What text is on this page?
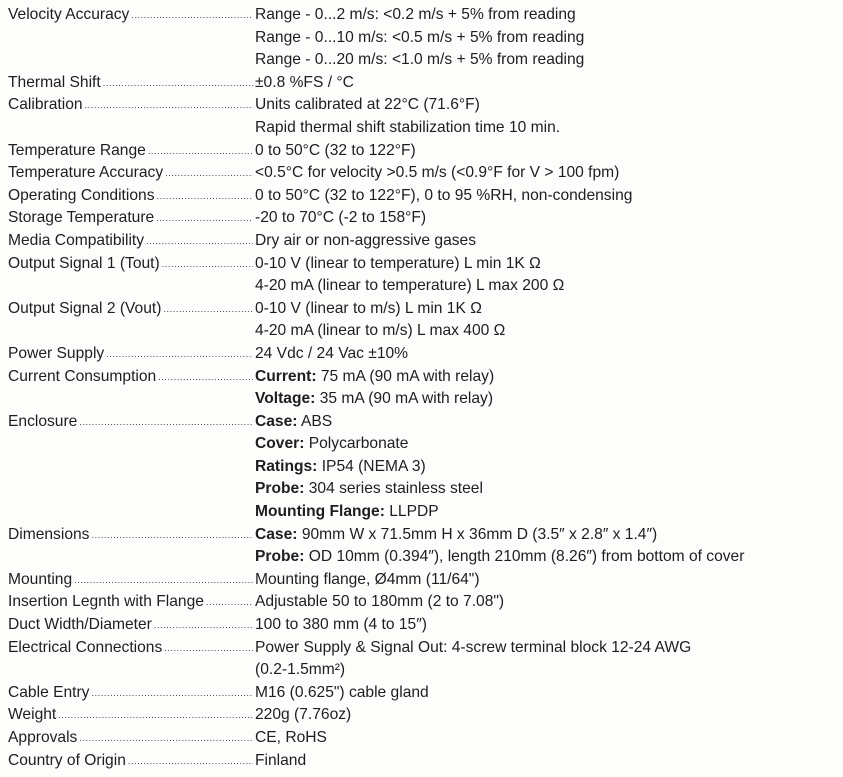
Velocity Accuracy .....	Range - 0...2 m/s: <0.2 m/s + 5% from reading
Range - 0...10 m/s: <0.5 m/s + 5% from reading
Range - 0...20 m/s: <1.0 m/s + 5% from reading
Thermal Shift .....	±0.8 %FS / °C
Calibration .....	Units calibrated at 22°C (71.6°F)
Rapid thermal shift stabilization time 10 min.
Temperature Range .....	0 to 50°C (32 to 122°F)
Temperature Accuracy .....	<0.5°C for velocity >0.5 m/s (<0.9°F for V > 100 fpm)
Operating Conditions .....	0 to 50°C (32 to 122°F), 0 to 95 %RH, non-condensing
Storage Temperature .....	-20 to 70°C (-2 to 158°F)
Media Compatibility .....	Dry air or non-aggressive gases
Output Signal 1 (Tout) .....	0-10 V (linear to temperature) L min 1K Ω
4-20 mA (linear to temperature) L max 200 Ω
Output Signal 2 (Vout) .....	0-10 V (linear to m/s) L min 1K Ω
4-20 mA (linear to m/s) L max 400 Ω
Power Supply .....	24 Vdc / 24 Vac ±10%
Current Consumption .....	Current: 75 mA (90 mA with relay)
Voltage: 35 mA (90 mA with relay)
Enclosure .....	Case: ABS
Cover: Polycarbonate
Ratings: IP54 (NEMA 3)
Probe: 304 series stainless steel
Mounting Flange: LLPDP
Dimensions .....	Case: 90mm W x 71.5mm H x 36mm D (3.5″ x 2.8″ x 1.4″)
Probe: OD 10mm (0.394″), length 210mm (8.26″) from bottom of cover
Mounting .....	Mounting flange, Ø4mm (11/64")
Insertion Legnth with Flange .....	Adjustable 50 to 180mm (2 to 7.08")
Duct Width/Diameter .....	100 to 380 mm (4 to 15″)
Electrical Connections .....	Power Supply & Signal Out: 4-screw terminal block 12-24 AWG
(0.2-1.5mm²)
Cable Entry .....	M16 (0.625") cable gland
Weight .....	220g (7.76oz)
Approvals .....	CE, RoHS
Country of Origin .....	Finland
